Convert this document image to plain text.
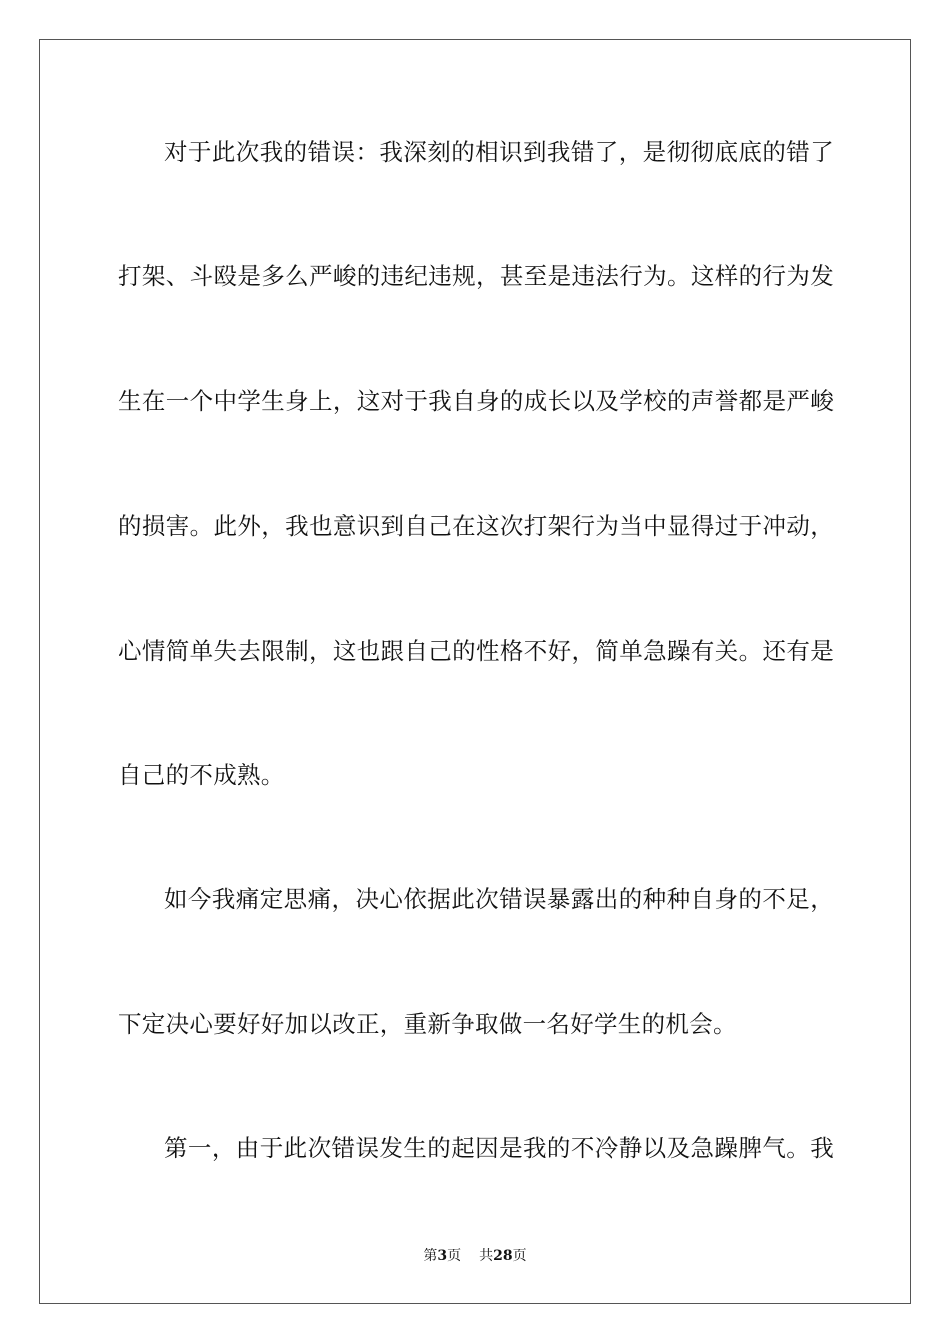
对于此次我的错误：我深刻的相识到我错了，是彻彻底底的错了
打架、斗殴是多么严峻的违纪违规，甚至是违法行为。这样的行为发
生在一个中学生身上，这对于我自身的成长以及学校的声誉都是严峻
的损害。此外，我也意识到自己在这次打架行为当中显得过于冲动，
心情简单失去限制，这也跟自己的性格不好，简单急躁有关。还有是
自己的不成熟。
如今我痛定思痛，决心依据此次错误暴露出的种种自身的不足，
下定决心要好好加以改正，重新争取做一名好学生的机会。
第一，由于此次错误发生的起因是我的不冷静以及急躁脾气。我
第3页 共28页
